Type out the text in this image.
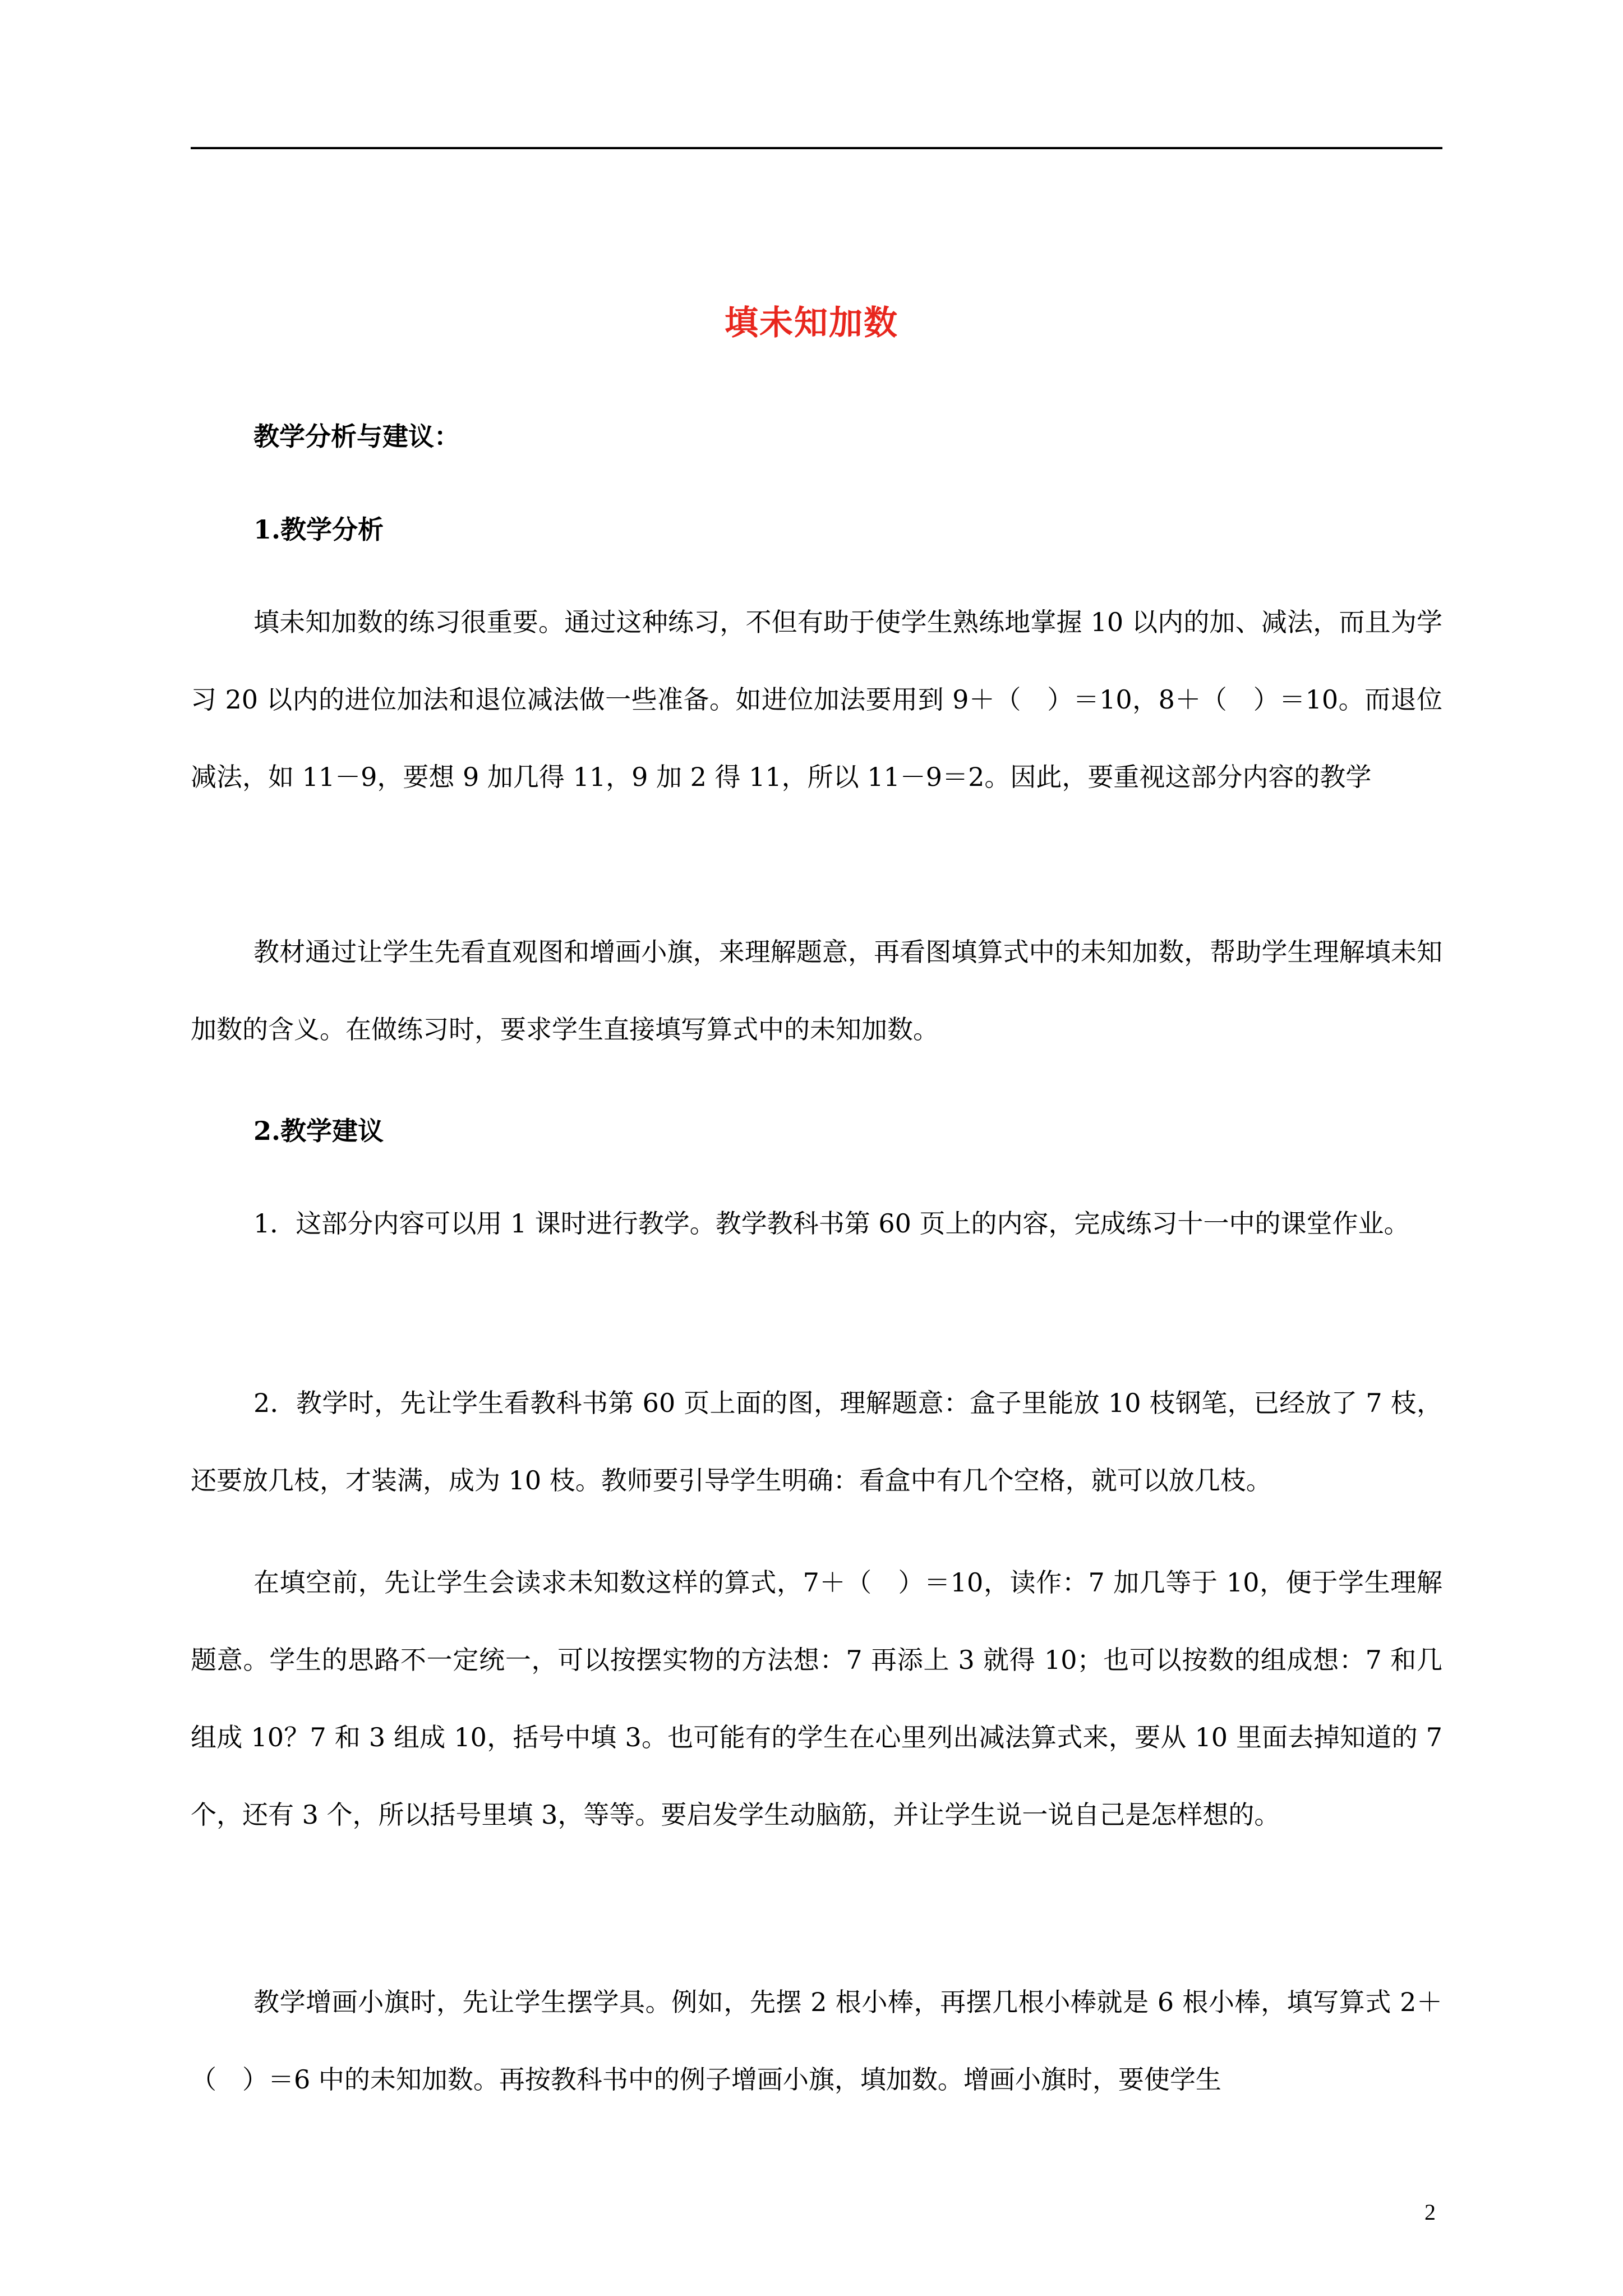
填未知加数
教学分析与建议：
1.教学分析

填未知加数的练习很重要。通过这种练习，不但有助于使学生熟练地掌握 10 以内的加、减法，而且为学习 20 以内的进位加法和退位减法做一些准备。如进位加法要用到 9＋（　）＝10，8＋（　）＝10。而退位减法，如 11－9，要想 9 加几得 11，9 加 2 得 11，所以 11－9＝2。因此，要重视这部分内容的教学

教材通过让学生先看直观图和增画小旗，来理解题意，再看图填算式中的未知加数，帮助学生理解填未知加数的含义。在做练习时，要求学生直接填写算式中的未知加数。

2.教学建议

1．这部分内容可以用 1 课时进行教学。教学教科书第 60 页上的内容，完成练习十一中的课堂作业。

2．教学时，先让学生看教科书第 60 页上面的图，理解题意：盒子里能放 10 枝钢笔，已经放了 7 枝，还要放几枝，才装满，成为 10 枝。教师要引导学生明确：看盒中有几个空格，就可以放几枝。

在填空前，先让学生会读求未知数这样的算式，7＋（　）＝10，读作：7 加几等于 10，便于学生理解题意。学生的思路不一定统一，可以按摆实物的方法想：7 再添上 3 就得 10；也可以按数的组成想：7 和几组成 10？7 和 3 组成 10，括号中填 3。也可能有的学生在心里列出减法算式来，要从 10 里面去掉知道的 7 个，还有 3 个，所以括号里填 3，等等。要启发学生动脑筋，并让学生说一说自己是怎样想的。

教学增画小旗时，先让学生摆学具。例如，先摆 2 根小棒，再摆几根小棒就是 6 根小棒，填写算式 2＋（　）＝6 中的未知加数。再按教科书中的例子增画小旗，填加数。增画小旗时，要使学生

2
